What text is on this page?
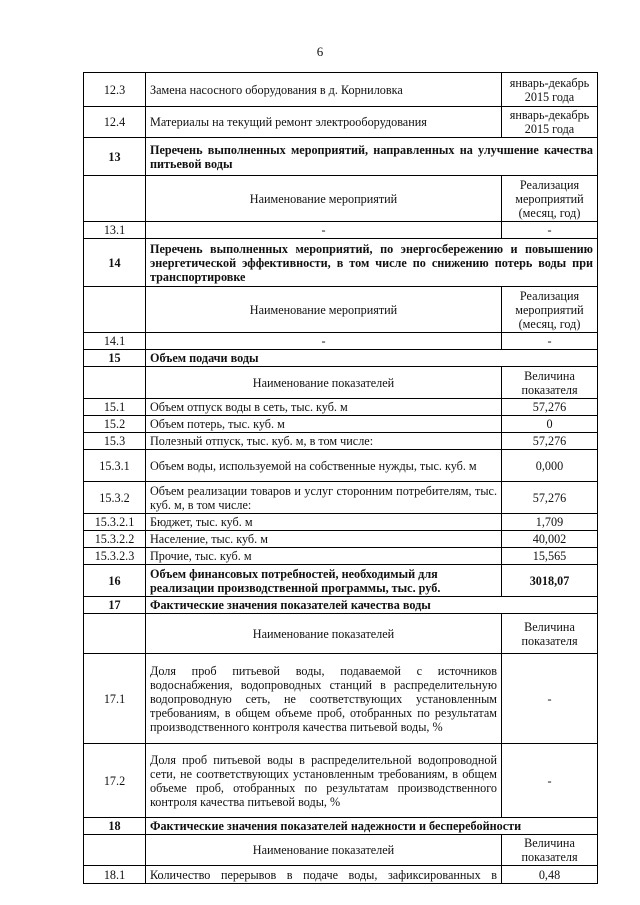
6
12.3	Замена насосного оборудования в д. Корниловка	январь-декабрь 2015 года
12.4	Материалы на текущий ремонт электрооборудования	январь-декабрь 2015 года
13	Перечень выполненных мероприятий, направленных на улучшение качества питьевой воды	
	Наименование мероприятий	Реализация мероприятий (месяц, год)
13.1	-	-
14	Перечень выполненных мероприятий, по энергосбережению и повышению энергетической эффективности, в том числе по снижению потерь воды при транспортировке	
	Наименование мероприятий	Реализация мероприятий (месяц, год)
14.1	-	-
15	Объем подачи воды	
	Наименование показателей	Величина показателя
15.1	Объем отпуск воды в сеть, тыс. куб. м	57,276
15.2	Объем потерь, тыс. куб. м	0
15.3	Полезный отпуск, тыс. куб. м, в том числе:	57,276
15.3.1	Объем воды, используемой на собственные нужды, тыс. куб. м	0,000
15.3.2	Объем реализации товаров и услуг сторонним потребителям, тыс. куб. м, в том числе:	57,276
15.3.2.1	Бюджет, тыс. куб. м	1,709
15.3.2.2	Население, тыс. куб. м	40,002
15.3.2.3	Прочие, тыс. куб. м	15,565
16	Объем финансовых потребностей, необходимый для реализации производственной программы, тыс. руб.	3018,07
17	Фактические значения показателей качества воды	
	Наименование показателей	Величина показателя
17.1	Доля проб питьевой воды, подаваемой с источников водоснабжения, водопроводных станций в распределительную водопроводную сеть, не соответствующих установленным требованиям, в общем объеме проб, отобранных по результатам производственного контроля качества питьевой воды, %	-
17.2	Доля проб питьевой воды в распределительной водопроводной сети, не соответствующих установленным требованиям, в общем объеме проб, отобранных по результатам производственного контроля качества питьевой воды, %	-
18	Фактические значения показателей надежности и бесперебойности	
	Наименование показателей	Величина показателя
18.1	Количество перерывов в подаче воды, зафиксированных в	0,48
